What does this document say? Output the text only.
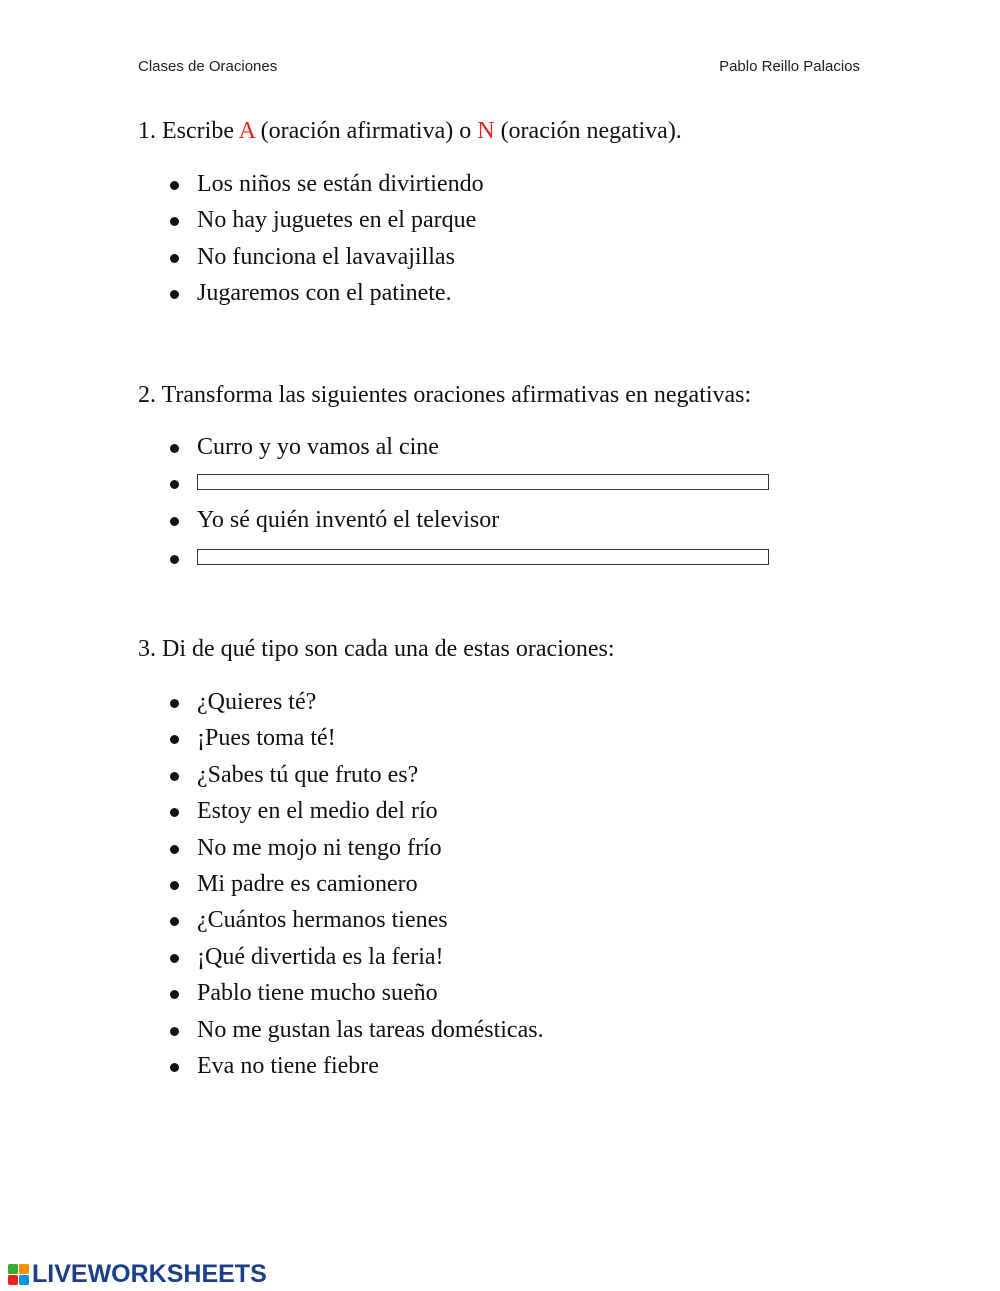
Clases de Oraciones	Pablo Reillo Palacios
1. Escribe A (oración afirmativa) o N (oración negativa).
Los niños se están divirtiendo
No hay juguetes en el parque
No funciona el lavavajillas
Jugaremos con el patinete.
2. Transforma las siguientes oraciones afirmativas en negativas:
Curro y yo vamos al cine
Yo sé quién inventó el televisor
3. Di de qué tipo son cada una de estas oraciones:
¿Quieres té?
¡Pues toma té!
¿Sabes tú que fruto es?
Estoy en el medio del río
No me mojo ni tengo frío
Mi padre es camionero
¿Cuántos hermanos tienes
¡Qué divertida es la feria!
Pablo tiene mucho sueño
No me gustan las tareas domésticas.
Eva no tiene fiebre
LIVEWORKSHEETS
